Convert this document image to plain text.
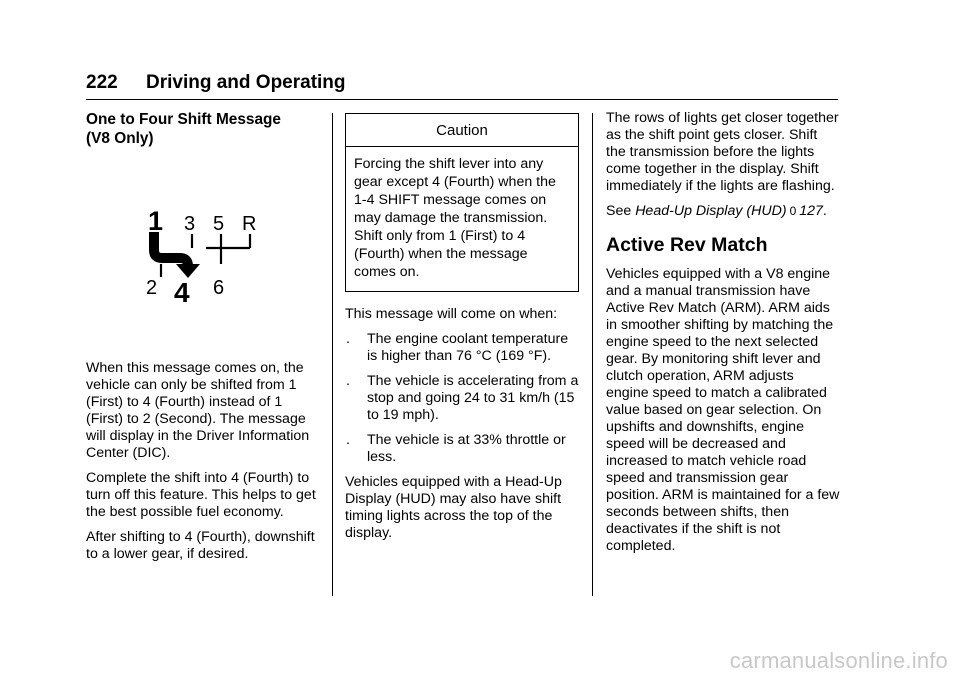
222 Driving and Operating
One to Four Shift Message
(V8 Only)
1 3 5 R
2 4 6

When this message comes on, the vehicle can only be shifted from 1 (First) to 4 (Fourth) instead of 1 (First) to 2 (Second). The message will display in the Driver Information Center (DIC).

Complete the shift into 4 (Fourth) to turn off this feature. This helps to get the best possible fuel economy.

After shifting to 4 (Fourth), downshift to a lower gear, if desired.

Caution
Forcing the shift lever into any gear except 4 (Fourth) when the 1-4 SHIFT message comes on may damage the transmission. Shift only from 1 (First) to 4 (Fourth) when the message comes on.

This message will come on when:

.	The engine coolant temperature is higher than 76 °C (169 °F).
.	The vehicle is accelerating from a stop and going 24 to 31 km/h (15 to 19 mph).
.	The vehicle is at 33% throttle or less.

Vehicles equipped with a Head-Up Display (HUD) may also have shift timing lights across the top of the display.

The rows of lights get closer together as the shift point gets closer. Shift the transmission before the lights come together in the display. Shift immediately if the lights are flashing.

See Head-Up Display (HUD) 0 127.

Active Rev Match

Vehicles equipped with a V8 engine and a manual transmission have Active Rev Match (ARM). ARM aids in smoother shifting by matching the engine speed to the next selected gear. By monitoring shift lever and clutch operation, ARM adjusts engine speed to match a calibrated value based on gear selection. On upshifts and downshifts, engine speed will be decreased and increased to match vehicle road speed and transmission gear position. ARM is maintained for a few seconds between shifts, then deactivates if the shift is not completed.

carmanualsonline.info
